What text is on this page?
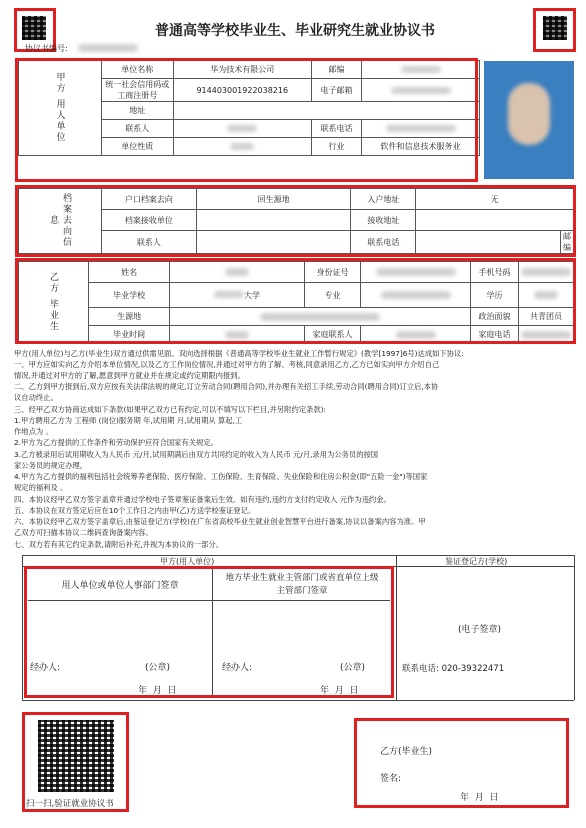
普通高等学校毕业生、毕业研究生就业协议书
协议书编号:
甲方 用人单位	单位名称	华为技术有限公司	邮编	

	统一社会信用码或工商注册号	914403001922038216	电子邮箱	

	地址			
	联系人		联系电话	

	单位性质		行业	软件和信息技术服务业
档案去向信息	户口档案去向	回生源地	入户地址	无	
	档案接收单位		接收地址		
	联系人		联系电话		邮编
乙方 毕业生	姓名		身份证号		手机号码	

	毕业学校	大学	专业		学历	

	生源地				政治面貌	共青团员
	毕业时间		家庭联系人		家庭电话	
甲方(用人单位)与乙方(毕业生)双方通过供需见面、双向选择根据《普通高等学校毕业生就业工作暂行规定》(教学[1997]6号)达成如下协议:
一、甲方应如实向乙方介绍本单位情况,以及乙方工作岗位情况,并通过对甲方的了解、考核,同意录用乙方,乙方已如实向甲方介绍自己
情况,并通过对甲方的了解,愿意到甲方就业并在规定或约定期限内报到。
二、乙方到甲方报到后,双方应按有关法律法规的规定,订立劳动合同(聘用合同),并办理有关招工手续,劳动合同(聘用合同)订立后,本协
议自动终止。
三、经甲乙双方协商达成如下条款(如果甲乙双方已有约定,可以不填写以下栏目,并另附约定条款):
1.甲方聘用乙方为 工程师 (岗位)服务期 年,试用期 月,试用期从 算起,工
作地点为 。
2.甲方为乙方提供的工作条件和劳动保护应符合国家有关规定。
3.乙方被录用后试用期收入为人民币 元/月,试用期满后由双方共同约定的收入为人民币 元/月,录用为公务员的按国
家公务员的规定办理。
4.甲方为乙方提供的福利包括社会统筹养老保险、医疗保险、工伤保险、生育保险、失业保险和住房公积金(即"五险一金")等国家
规定的福利及 。
四、本协议经甲乙双方签字盖章并通过学校电子签章鉴证备案后生效。如有违约,违约方支付约定收入 元作为违约金。
五、本协议在双方签定后应在10个工作日之内由甲(乙)方送学校鉴证登记。
六、本协议经甲乙双方签字盖章后,由鉴证登记方(学校)在广东省高校毕业生就业创业智慧平台进行备案,协议以备案内容为准。甲
乙双方可扫描本协议二维码查询备案内容。
七、双方若有其它约定条款,请附后补充,并视为本协议的一部分。
甲方(用人单位)	鉴证登记方(学校)
用人单位或单位人事部门签章
地方毕业生就业主管部门或省直单位上级主管部门签章
经办人:	(公章)
年  月  日
经办人:	(公章)
年  月  日
(电子签章)
联系电话: 020-39322471
扫一扫,验证就业协议书
乙方(毕业生)
签名:
年  月  日
